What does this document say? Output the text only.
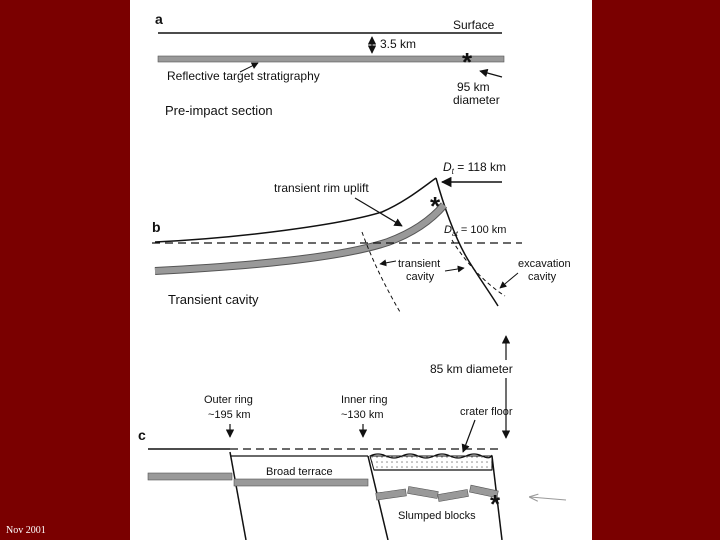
a	Surface
3.5 km
Reflective target stratigraphy	*
95 km
diameter
Pre-impact section
$D_t = 118$ km
transient rim uplift
*
b	$D_{at} = 100$ km
transient
cavity
excavation
cavity
Transient cavity
85 km diameter
Outer ring
~195 km
Inner ring
~130 km	crater floor
c
Broad terrace
Slumped blocks *
Nov 2001
